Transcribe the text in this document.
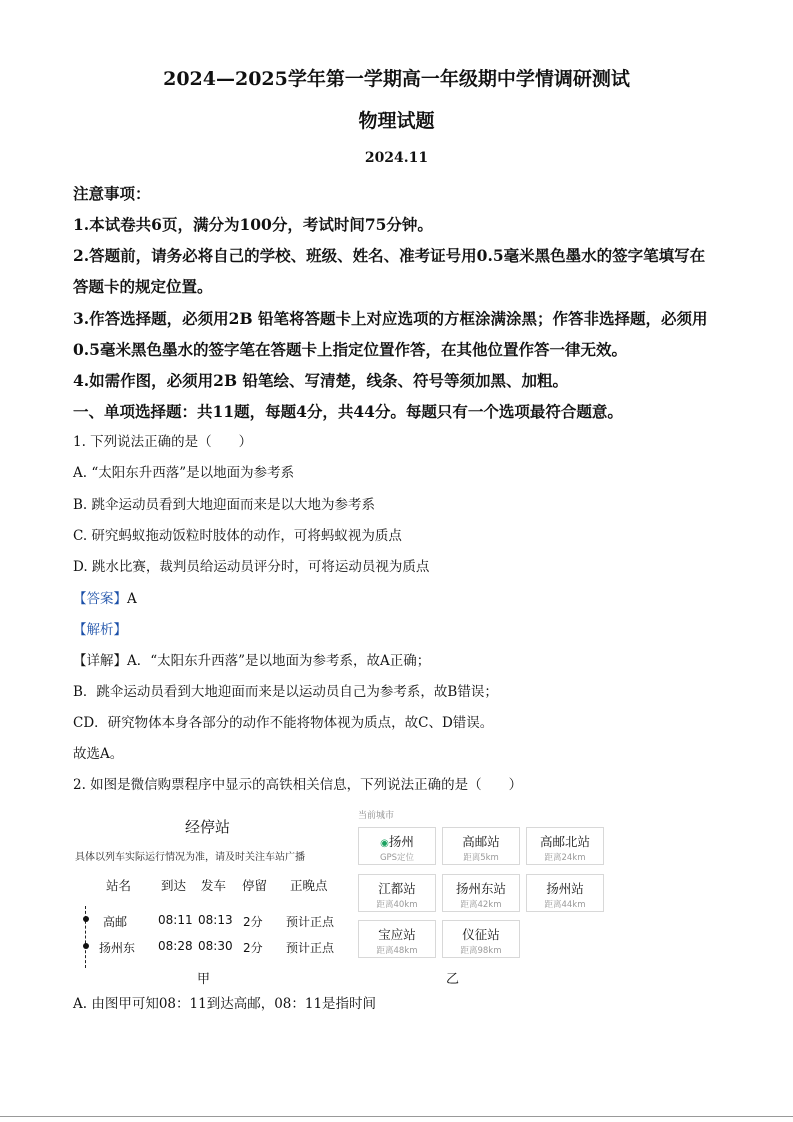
2024—2025学年第一学期高一年级期中学情调研测试
物理试题
2024.11
注意事项：
1.本试卷共6页，满分为100分，考试时间75分钟。
2.答题前，请务必将自己的学校、班级、姓名、准考证号用0.5毫米黑色墨水的签字笔填写在
答题卡的规定位置。
3.作答选择题，必须用2B 铅笔将答题卡上对应选项的方框涂满涂黑；作答非选择题，必须用
0.5毫米黑色墨水的签字笔在答题卡上指定位置作答，在其他位置作答一律无效。
4.如需作图，必须用2B 铅笔绘、写清楚，线条、符号等须加黑、加粗。
一、单项选择题：共11题，每题4分，共44分。每题只有一个选项最符合题意。
1. 下列说法正确的是（　　）
A. “太阳东升西落”是以地面为参考系
B. 跳伞运动员看到大地迎面而来是以大地为参考系
C. 研究蚂蚁拖动饭粒时肢体的动作，可将蚂蚁视为质点
D. 跳水比赛，裁判员给运动员评分时，可将运动员视为质点
【答案】A
【解析】
【详解】A．“太阳东升西落”是以地面为参考系，故A正确；
B．跳伞运动员看到大地迎面而来是以运动员自己为参考系，故B错误；
CD．研究物体本身各部分的动作不能将物体视为质点，故C、D错误。
故选A。
2. 如图是微信购票程序中显示的高铁相关信息，下列说法正确的是（　　）
经停站
具体以列车实际运行情况为准，请及时关注车站广播
站名 到达 发车 停留 正晚点
高邮	08:11 08:13 2分 预计正点
扬州东 08:28 08:30 2分 预计正点
甲
当前城市
◉扬州
GPS定位
高邮站
距离5km
高邮北站
距离24km
江都站
距离40km
扬州东站
距离42km
扬州站
距离44km
宝应站
距离48km
仪征站
距离98km
乙
A. 由图甲可知08：11到达高邮，08：11是指时间
